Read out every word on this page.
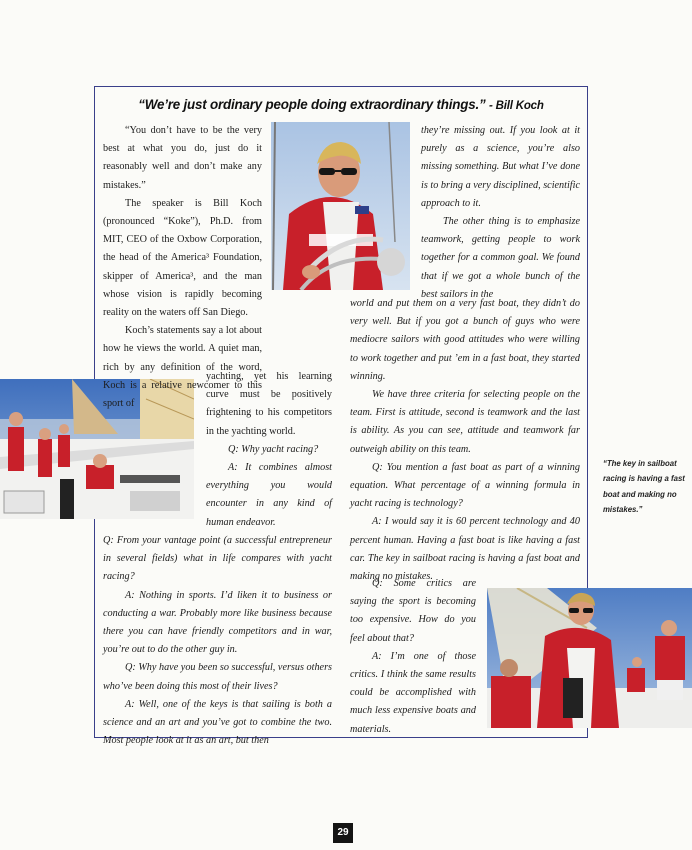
“We’re just ordinary people doing extraordinary things.” - Bill Koch

“You don’t have to be the very best at what you do, just do it reasonably well and don’t make any mistakes.”

The speaker is Bill Koch (pronounced “Koke”), Ph.D. from MIT, CEO of the Oxbow Corporation, the head of the America³ Foundation, skipper of America³, and the man whose vision is rapidly becoming reality on the waters off San Diego.

Koch’s statements say a lot about how he views the world. A quiet man, rich by any definition of the word, Koch is a relative newcomer to this sport of

yachting, yet his learning curve must be positively frightening to his competitors in the yachting world.

Q: Why yacht racing?

A: It combines almost everything you would encounter in any kind of human endeavor.

Q: From your vantage point (a successful entrepreneur in several fields) what in life compares with yacht racing?

A: Nothing in sports. I’d liken it to business or conducting a war. Probably more like business because there you can have friendly competitors and in war, you’re out to do the other guy in.

Q: Why have you been so successful, versus others who’ve been doing this most of their lives?

A: Well, one of the keys is that sailing is both a science and an art and you’ve got to combine the two. Most people look at it as an art, but then

they’re missing out. If you look at it purely as a science, you’re also missing something. But what I’ve done is to bring a very disciplined, scientific approach to it.

The other thing is to emphasize teamwork, getting people to work together for a common goal. We found that if we got a whole bunch of the best sailors in the

world and put them on a very fast boat, they didn’t do very well. But if you got a bunch of guys who were mediocre sailors with good attitudes who were willing to work together and put ’em in a fast boat, they started winning.

We have three criteria for selecting people on the team. First is attitude, second is teamwork and the last is ability. As you can see, attitude and teamwork far outweigh ability on this team.

Q: You mention a fast boat as part of a winning equation. What percentage of a winning formula in yacht racing is technology?

A: I would say it is 60 percent technology and 40 percent human. Having a fast boat is like having a fast car. The key in sailboat racing is having a fast boat and making no mistakes.

Q: Some critics are saying the sport is becoming too expensive. How do you feel about that?

A: I’m one of those critics. I think the same results could be accomplished with much less expensive boats and materials.

“The key in sailboat racing is having a fast boat and making no mistakes.”
29
